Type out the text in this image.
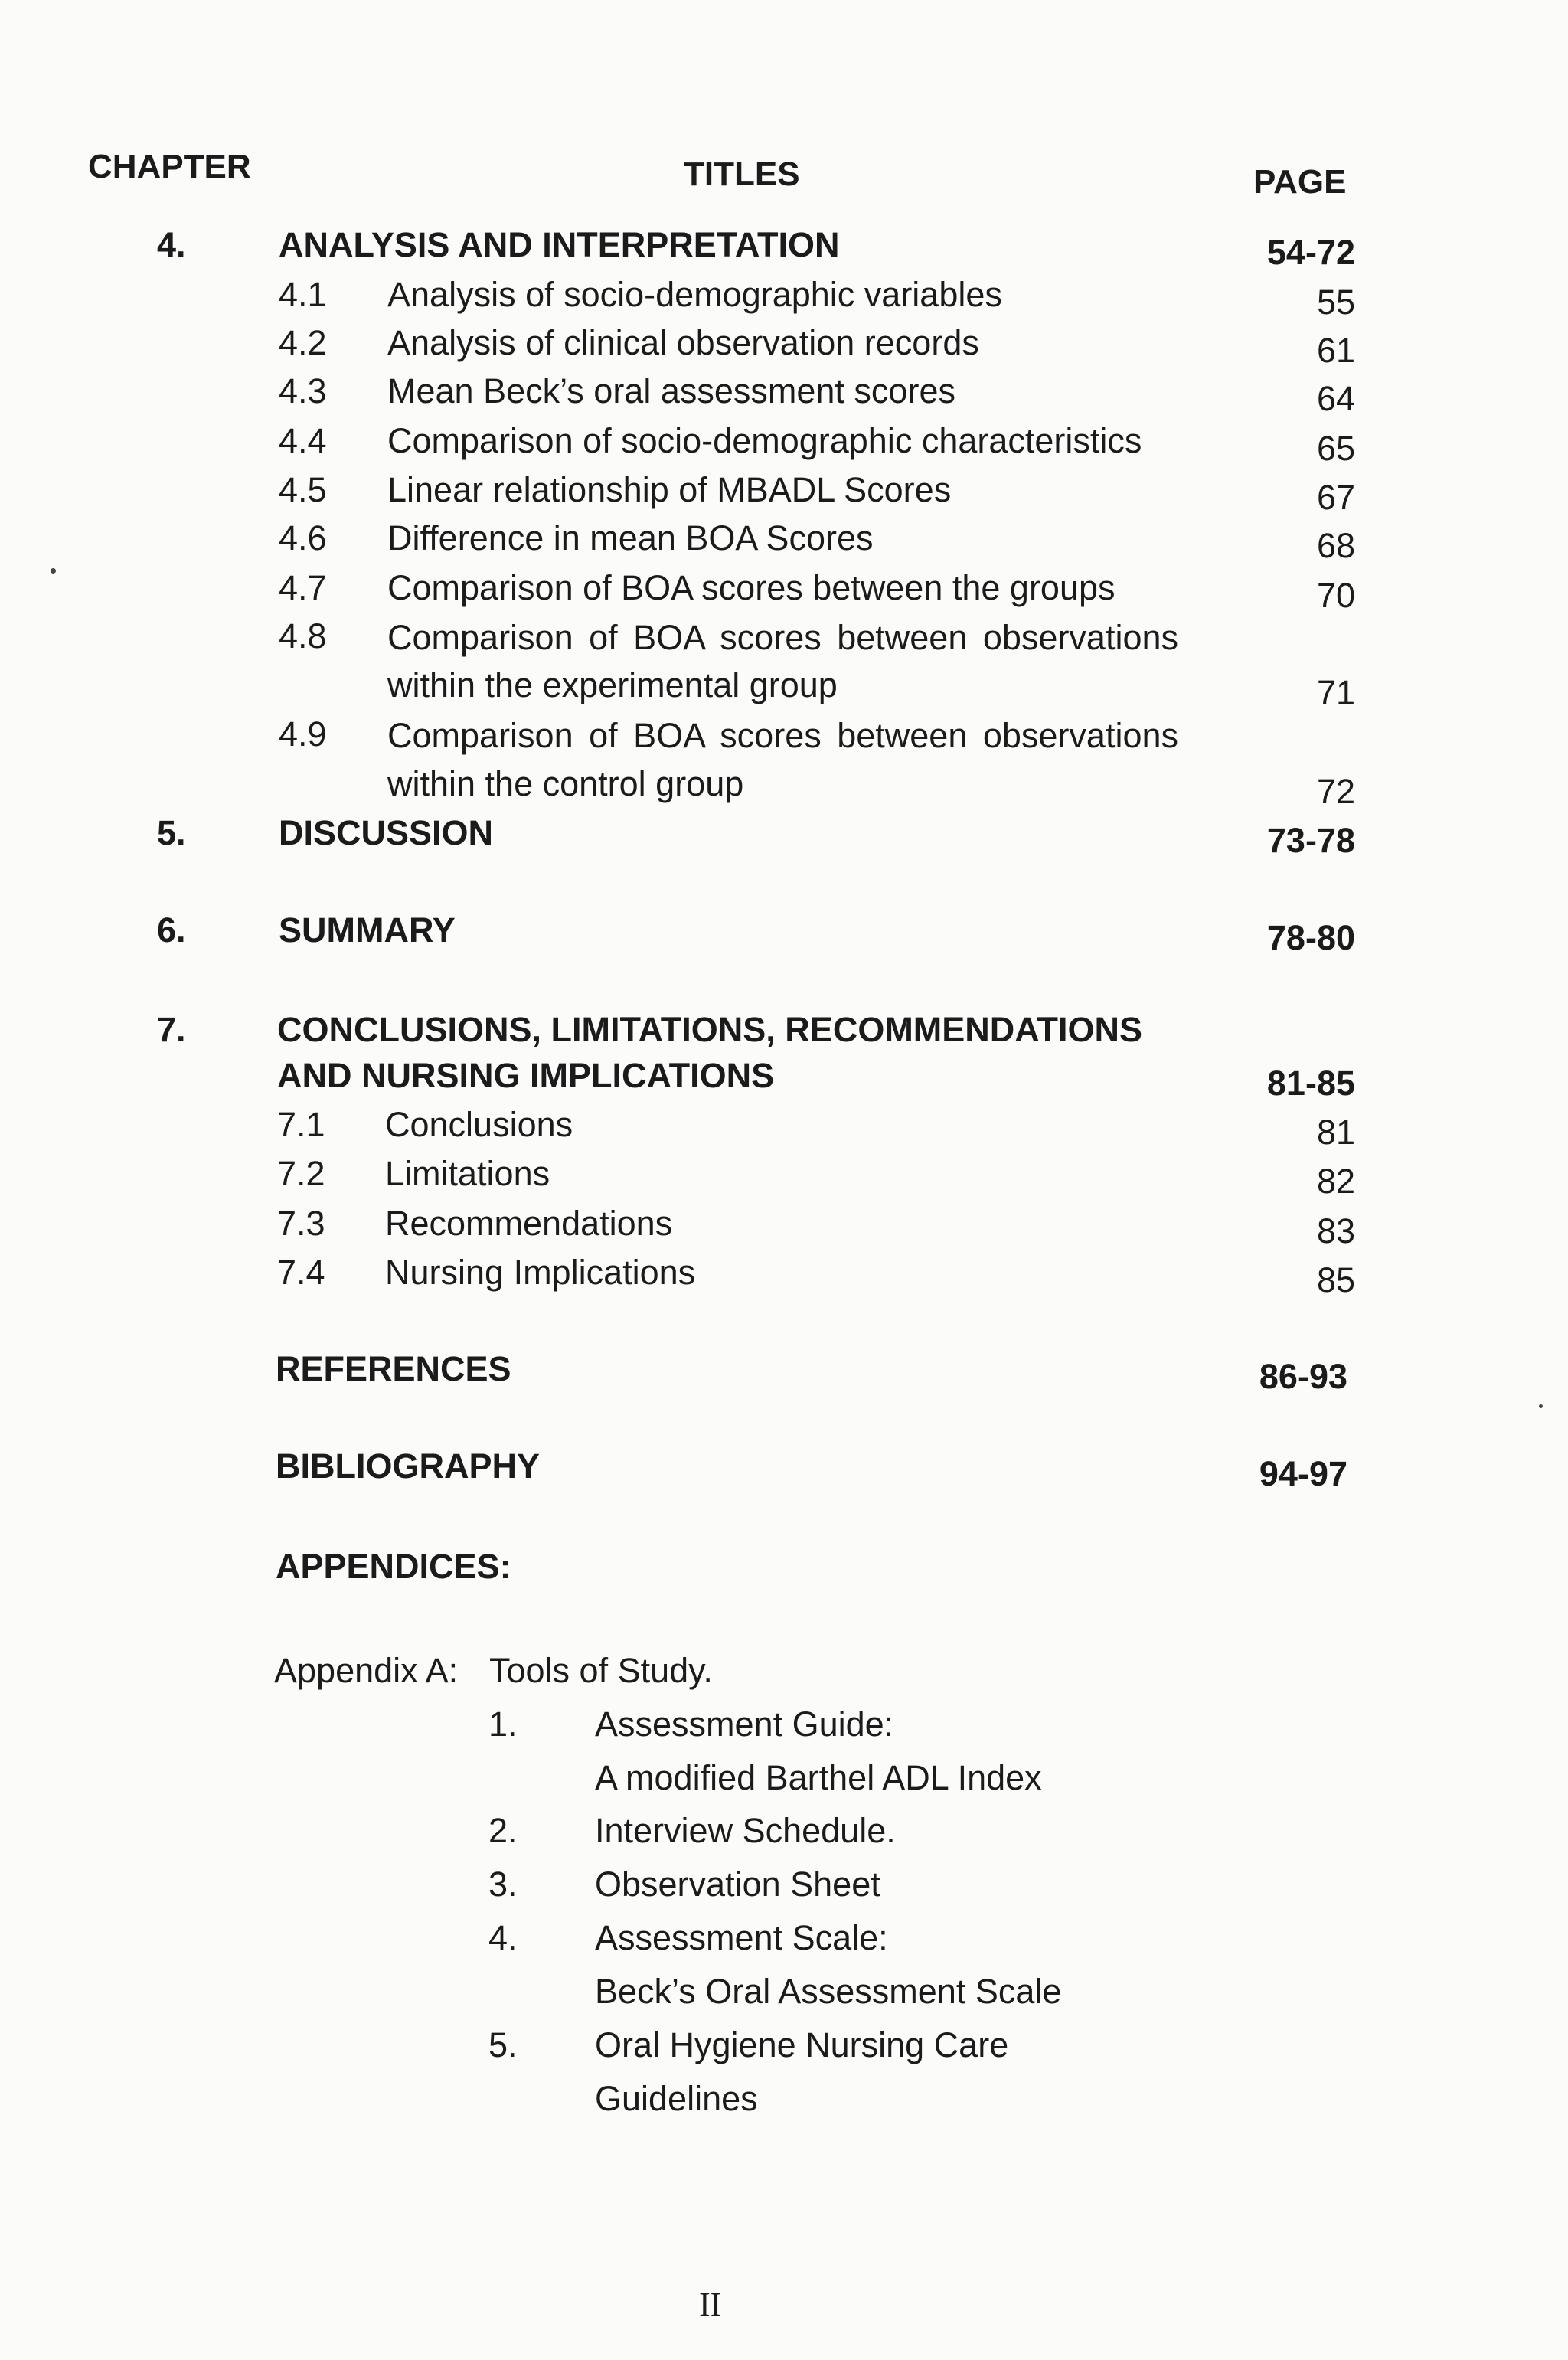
CHAPTER	TITLES	PAGE
4.	ANALYSIS AND INTERPRETATION	54-72
4.1 Analysis of socio-demographic variables	55
4.2 Analysis of clinical observation records	61
4.3 Mean Beck’s oral assessment scores	64
4.4 Comparison of socio-demographic characteristics	65
4.5 Linear relationship of MBADL Scores	67
4.6 Difference in mean BOA Scores	68
4.7 Comparison of BOA scores between the groups	70
4.8 Comparison of BOA scores between observations
within the experimental group	71
4.9 Comparison of BOA scores between observations
within the control group	72
5.	DISCUSSION	73-78
6.	SUMMARY	78-80
7.	CONCLUSIONS, LIMITATIONS, RECOMMENDATIONS
AND NURSING IMPLICATIONS	81-85
7.1 Conclusions	81
7.2 Limitations	82
7.3 Recommendations	83
7.4 Nursing Implications	85
REFERENCES	86-93
BIBLIOGRAPHY	94-97
APPENDICES:
Appendix A: Tools of Study.
1. Assessment Guide:
A modified Barthel ADL Index
2. Interview Schedule.
3. Observation Sheet
4. Assessment Scale:
Beck’s Oral Assessment Scale
5. Oral Hygiene Nursing Care
Guidelines
II
